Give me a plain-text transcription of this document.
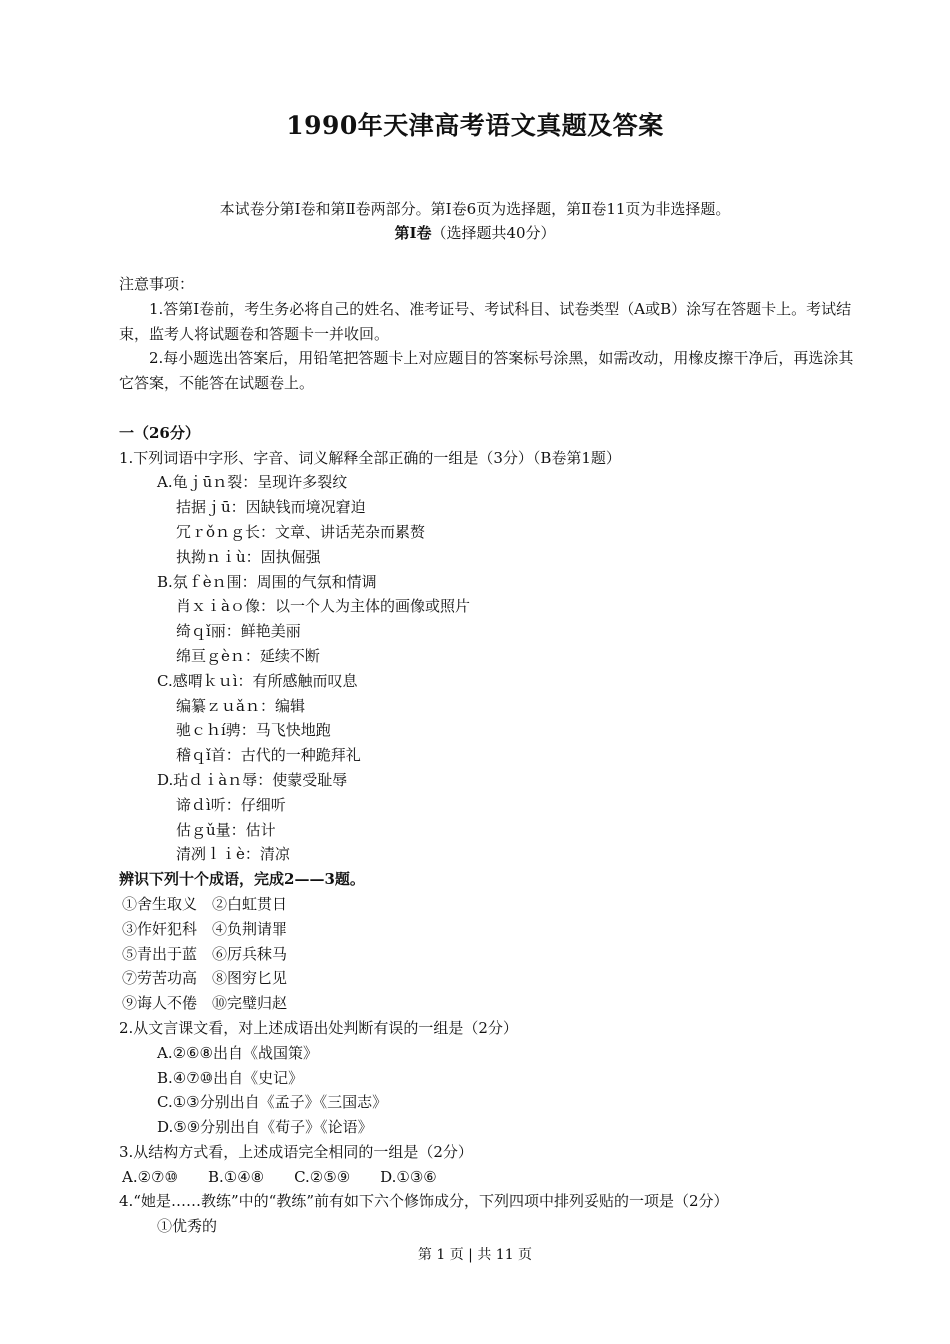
1990年天津高考语文真题及答案
本试卷分第Ⅰ卷和第Ⅱ卷两部分。第Ⅰ卷6页为选择题，第Ⅱ卷11页为非选择题。
第Ⅰ卷（选择题共40分）
注意事项：
1.答第Ⅰ卷前，考生务必将自己的姓名、准考证号、考试科目、试卷类型（A或B）涂写在答题卡上。考试结束，监考人将试题卷和答题卡一并收回。
2.每小题选出答案后，用铅笔把答题卡上对应题目的答案标号涂黑，如需改动，用橡皮擦干净后，再选涂其它答案，不能答在试题卷上。
一（26分）
1.下列词语中字形、字音、词义解释全部正确的一组是（3分）（B卷第1题）
A.龟ｊūｎ裂：呈现许多裂纹
拮据ｊū：因缺钱而境况窘迫
冗ｒǒｎｇ长：文章、讲话芜杂而累赘
执拗ｎｉù：固执倔强
B.氛ｆèｎ围：周围的气氛和情调
肖ｘｉàｏ像：以一个人为主体的画像或照片
绮ｑǐ丽：鲜艳美丽
绵亘ｇèｎ：延续不断
C.感喟ｋｕì：有所感触而叹息
编纂ｚｕǎｎ：编辑
驰ｃｈí骋：马飞快地跑
稽ｑǐ首：古代的一种跪拜礼
D.玷ｄｉàｎ辱：使蒙受耻辱
谛ｄì听：仔细听
估ｇǔ量：估计
清冽ｌｉè：清凉
辨识下列十个成语，完成2——3题。
①舍生取义　②白虹贯日
③作奸犯科　④负荆请罪
⑤青出于蓝　⑥厉兵秣马
⑦劳苦功高　⑧图穷匕见
⑨诲人不倦　⑩完璧归赵
2.从文言课文看，对上述成语出处判断有误的一组是（2分）
A.②⑥⑧出自《战国策》
B.④⑦⑩出自《史记》
C.①③分别出自《孟子》《三国志》
D.⑤⑨分别出自《荀子》《论语》
3.从结构方式看，上述成语完全相同的一组是（2分）
A.②⑦⑩ B.①④⑧ C.②⑤⑨ D.①③⑥
4.“她是……教练”中的“教练”前有如下六个修饰成分，下列四项中排列妥贴的一项是（2分）
①优秀的
第 1 页 | 共 11 页
